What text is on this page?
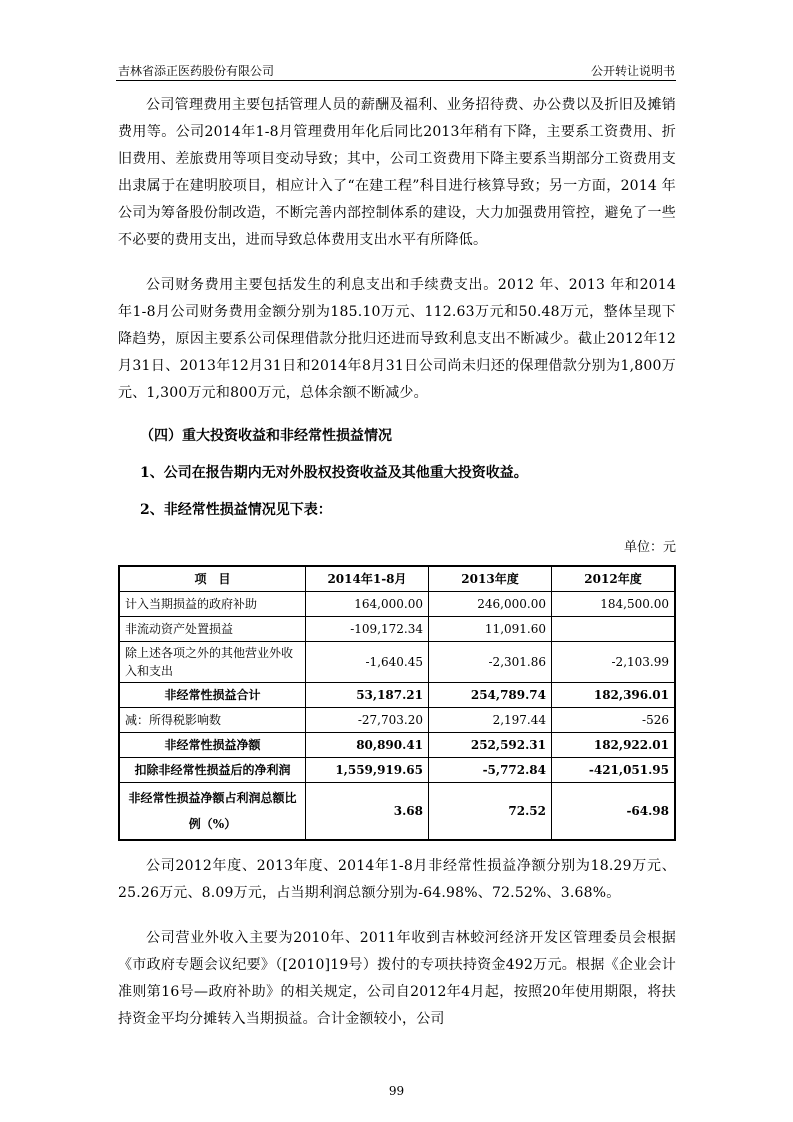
吉林省添正医药股份有限公司	公开转让说明书

公司管理费用主要包括管理人员的薪酬及福利、业务招待费、办公费以及折旧及摊销费用等。公司2014年1-8月管理费用年化后同比2013年稍有下降，主要系工资费用、折旧费用、差旅费用等项目变动导致；其中，公司工资费用下降主要系当期部分工资费用支出隶属于在建明胶项目，相应计入了“在建工程”科目进行核算导致；另一方面，2014 年公司为筹备股份制改造，不断完善内部控制体系的建设，大力加强费用管控，避免了一些不必要的费用支出，进而导致总体费用支出水平有所降低。

公司财务费用主要包括发生的利息支出和手续费支出。2012 年、2013 年和2014年1-8月公司财务费用金额分别为185.10万元、112.63万元和50.48万元，整体呈现下降趋势，原因主要系公司保理借款分批归还进而导致利息支出不断减少。截止2012年12月31日、2013年12月31日和2014年8月31日公司尚未归还的保理借款分别为1,800万元、1,300万元和800万元，总体余额不断减少。

（四）重大投资收益和非经常性损益情况
1、公司在报告期内无对外股权投资收益及其他重大投资收益。
2、非经常性损益情况见下表：
单位：元
项　目	2014年1-8月	2013年度	2012年度
计入当期损益的政府补助	164,000.00	246,000.00	184,500.00
非流动资产处置损益	-109,172.34	11,091.60	
除上述各项之外的其他营业外收入和支出	-1,640.45	-2,301.86	-2,103.99
非经常性损益合计	53,187.21	254,789.74	182,396.01
减：所得税影响数	-27,703.20	2,197.44	-526
非经常性损益净额	80,890.41	252,592.31	182,922.01
扣除非经常性损益后的净利润	1,559,919.65	-5,772.84	-421,051.95
非经常性损益净额占利润总额比例（%）	3.68	72.52	-64.98

公司2012年度、2013年度、2014年1-8月非经常性损益净额分别为18.29万元、25.26万元、8.09万元，占当期利润总额分别为-64.98%、72.52%、3.68%。

公司营业外收入主要为2010年、2011年收到吉林蛟河经济开发区管理委员会根据《市政府专题会议纪要》（[2010]19号）拨付的专项扶持资金492万元。根据《企业会计准则第16号—政府补助》的相关规定，公司自2012年4月起，按照20年使用期限，将扶持资金平均分摊转入当期损益。合计金额较小，公司

99
